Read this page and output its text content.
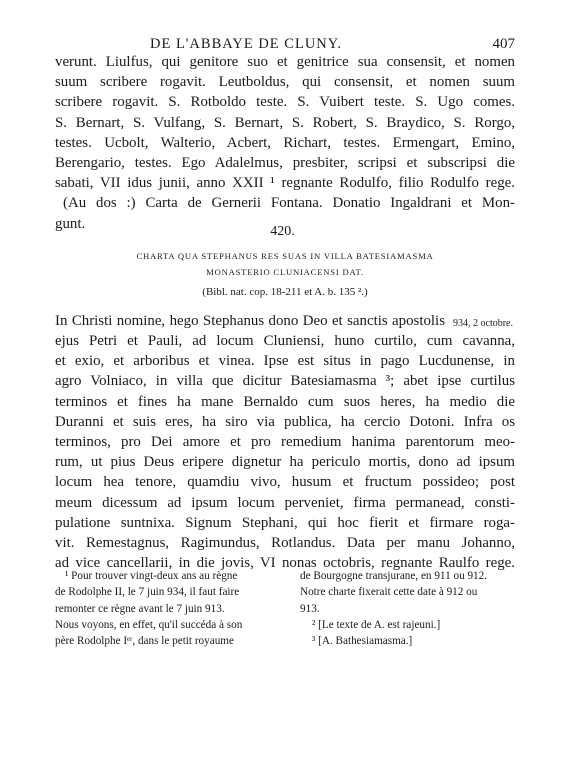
DE L'ABBAYE DE CLUNY.	407
verunt. Liulfus, qui genitore suo et genitrice sua consensit, et nomen
suum scribere rogavit. Leutboldus, qui consensit, et nomen suum
scribere rogavit. S. Rotboldo teste. S. Vuibert teste. S. Ugo comes.
S. Bernart, S. Vulfang, S. Bernart, S. Robert, S. Braydico, S. Rorgo,
testes. Ucbolt, Walterio, Acbert, Richart, testes. Ermengart, Emino,
Berengario, testes. Ego Adalelmus, presbiter, scripsi et subscripsi die
sabati, VII idus junii, anno XXII ¹ regnante Rodulfo, filio Rodulfo rege.
(Au dos :) Carta de Gernerii Fontana. Donatio Ingaldrani et Mon-
gunt.	420.
CHARTA QUA STEPHANUS RES SUAS IN VILLA BATESIAMASMA
MONASTERIO CLUNIACENSI DAT.
(Bibl. nat. cop. 18-211 et A. b. 135 ².)
934, 2 octobre.
In Christi nomine, hego Stephanus dono Deo et sanctis apostolis
ejus Petri et Pauli, ad locum Cluniensi, huno curtilo, cum cavanna,
et exio, et arboribus et vinea. Ipse est situs in pago Lucdunense, in
agro Volniaco, in villa que dicitur Batesiamasma ³; abet ipse curtilus
terminos et fines ha mane Bernaldo cum suos heres, ha medio die
Duranni et suis eres, ha siro via publica, ha cercio Dotoni. Infra os
terminos, pro Dei amore et pro remedium hanima parentorum meo-
rum, ut pius Deus eripere dignetur ha periculo mortis, dono ad ipsum
locum hea tenore, quamdiu vivo, husum et fructum possideo; post
meum dicessum ad ipsum locum perveniet, firma permanead, consti-
pulatione suntnixa. Signum Stephani, qui hoc fierit et firmare roga-
vit. Remestagnus, Ragimundus, Rotlandus. Data per manu Johanno,
ad vice cancellarii, in die jovis, VI nonas octobris, regnante Raulfo rege.
¹ Pour trouver vingt-deux ans au règne
de Rodolphe II, le 7 juin 934, il faut faire
remonter ce règne avant le 7 juin 913.
Nous voyons, en effet, qu'il succéda à son
père Rodolphe Iᵉʳ, dans le petit royaume
de Bourgogne transjurane, en 911 ou 912.
Notre charte fixerait cette date à 912 ou
913.
² [Le texte de A. est rajeuni.]
³ [A. Bathesiamasma.]
